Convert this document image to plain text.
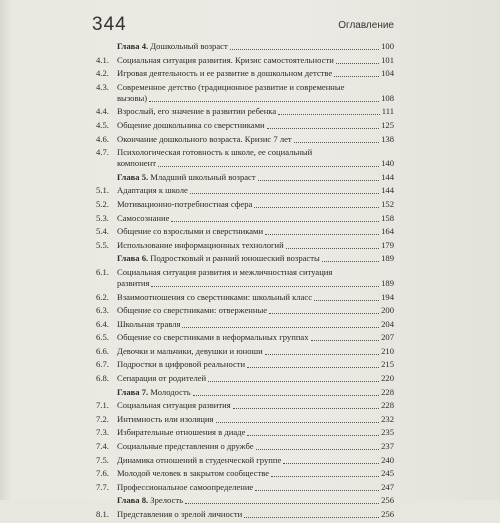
344	Оглавление
Глава 4. Дошкольный возраст	100
4.1. Социальная ситуация развития. Кризис самостоятельности	101
4.2. Игровая деятельность и ее развитие в дошкольном детстве	104
4.3. Современное детство (традиционное развитие и современные
вызовы)	108
4.4. Взрослый, его значение в развитии ребенка	111
4.5. Общение дошкольника со сверстниками	125
4.6. Окончание дошкольного возраста. Кризис 7 лет	138
4.7. Психологическая готовность к школе, ее социальный
компонент	140
Глава 5. Младший школьный возраст	144
5.1. Адаптация к школе	144
5.2. Мотивационно-потребностная сфера	152
5.3. Самосознание	158
5.4. Общение со взрослыми и сверстниками	164
5.5. Использование информационных технологий	179
Глава 6. Подростковый и ранний юношеский возрасты	189
6.1. Социальная ситуация развития и межличностная ситуация
развития	189
6.2. Взаимоотношения со сверстниками: школьный класс	194
6.3. Общение со сверстниками: отверженные	200
6.4. Школьная травля	204
6.5. Общение со сверстниками в неформальных группах	207
6.6. Девочки и мальчики, девушки и юноши	210
6.7. Подростки в цифровой реальности	215
6.8. Сепарация от родителей	220
Глава 7. Молодость	228
7.1. Социальная ситуация развития	228
7.2. Интимность или изоляция	232
7.3. Избирательные отношения в диаде	235
7.4. Социальные представления о дружбе	237
7.5. Динамика отношений в студенческой группе	240
7.6. Молодой человек в закрытом сообществе	245
7.7. Профессиональное самоопределение	247
Глава 8. Зрелость	256
8.1. Представления о зрелой личности	256
